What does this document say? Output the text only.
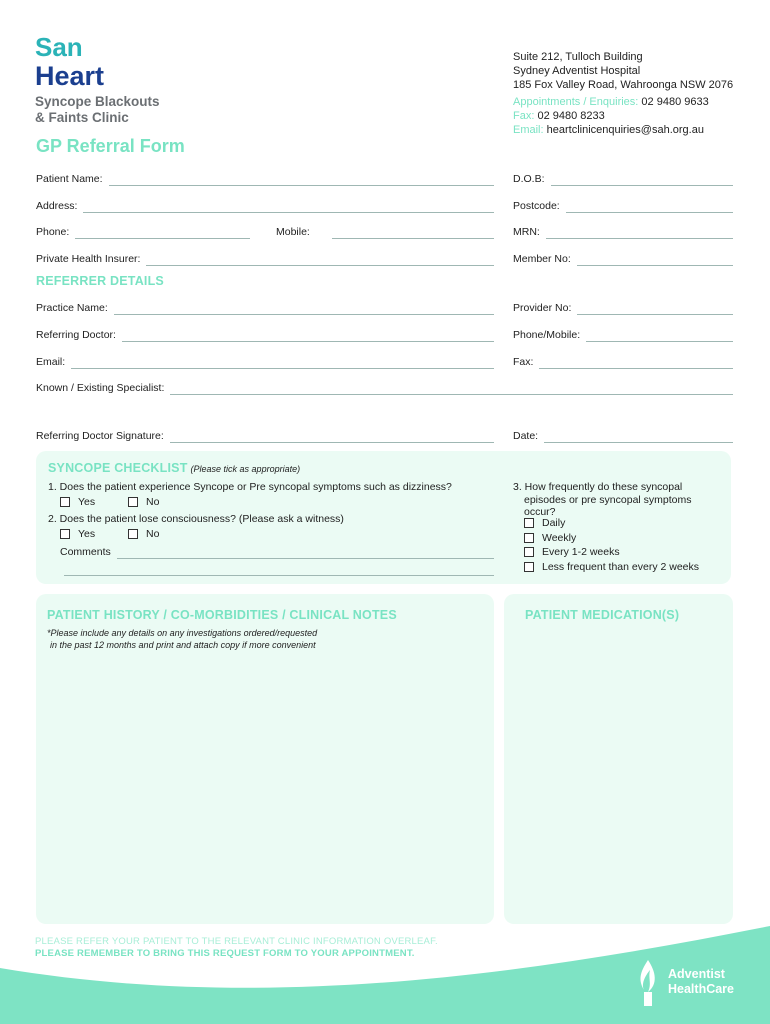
San
Heart
Syncope Blackouts
& Faints Clinic
Suite 212, Tulloch Building
Sydney Adventist Hospital
185 Fox Valley Road, Wahroonga NSW 2076
Appointments / Enquiries: 02 9480 9633
Fax: 02 9480 8233
Email: heartclinicenquiries@sah.org.au
GP Referral Form
Patient Name:	D.O.B:
Address:	Postcode:
Phone:	Mobile:	MRN:
Private Health Insurer:	Member No:
REFERRER DETAILS
Practice Name:	Provider No:
Referring Doctor:	Phone/Mobile:
Email:	Fax:
Known / Existing Specialist:
Referring Doctor Signature:	Date:
SYNCOPE CHECKLIST (Please tick as appropriate)
1. Does the patient experience Syncope or Pre syncopal symptoms such as dizziness?
Yes	No
2. Does the patient lose consciousness? (Please ask a witness)
Yes	No
Comments
3. How frequently do these syncopal
episodes or pre syncopal symptoms
occur?
Daily
Weekly
Every 1-2 weeks
Less frequent than every 2 weeks
PATIENT HISTORY / CO-MORBIDITIES / CLINICAL NOTES
*Please include any details on any investigations ordered/requested
in the past 12 months and print and attach copy if more convenient
PATIENT MEDICATION(S)
PLEASE REFER YOUR PATIENT TO THE RELEVANT CLINIC INFORMATION OVERLEAF.
PLEASE REMEMBER TO BRING THIS REQUEST FORM TO YOUR APPOINTMENT.
Adventist
HealthCare
